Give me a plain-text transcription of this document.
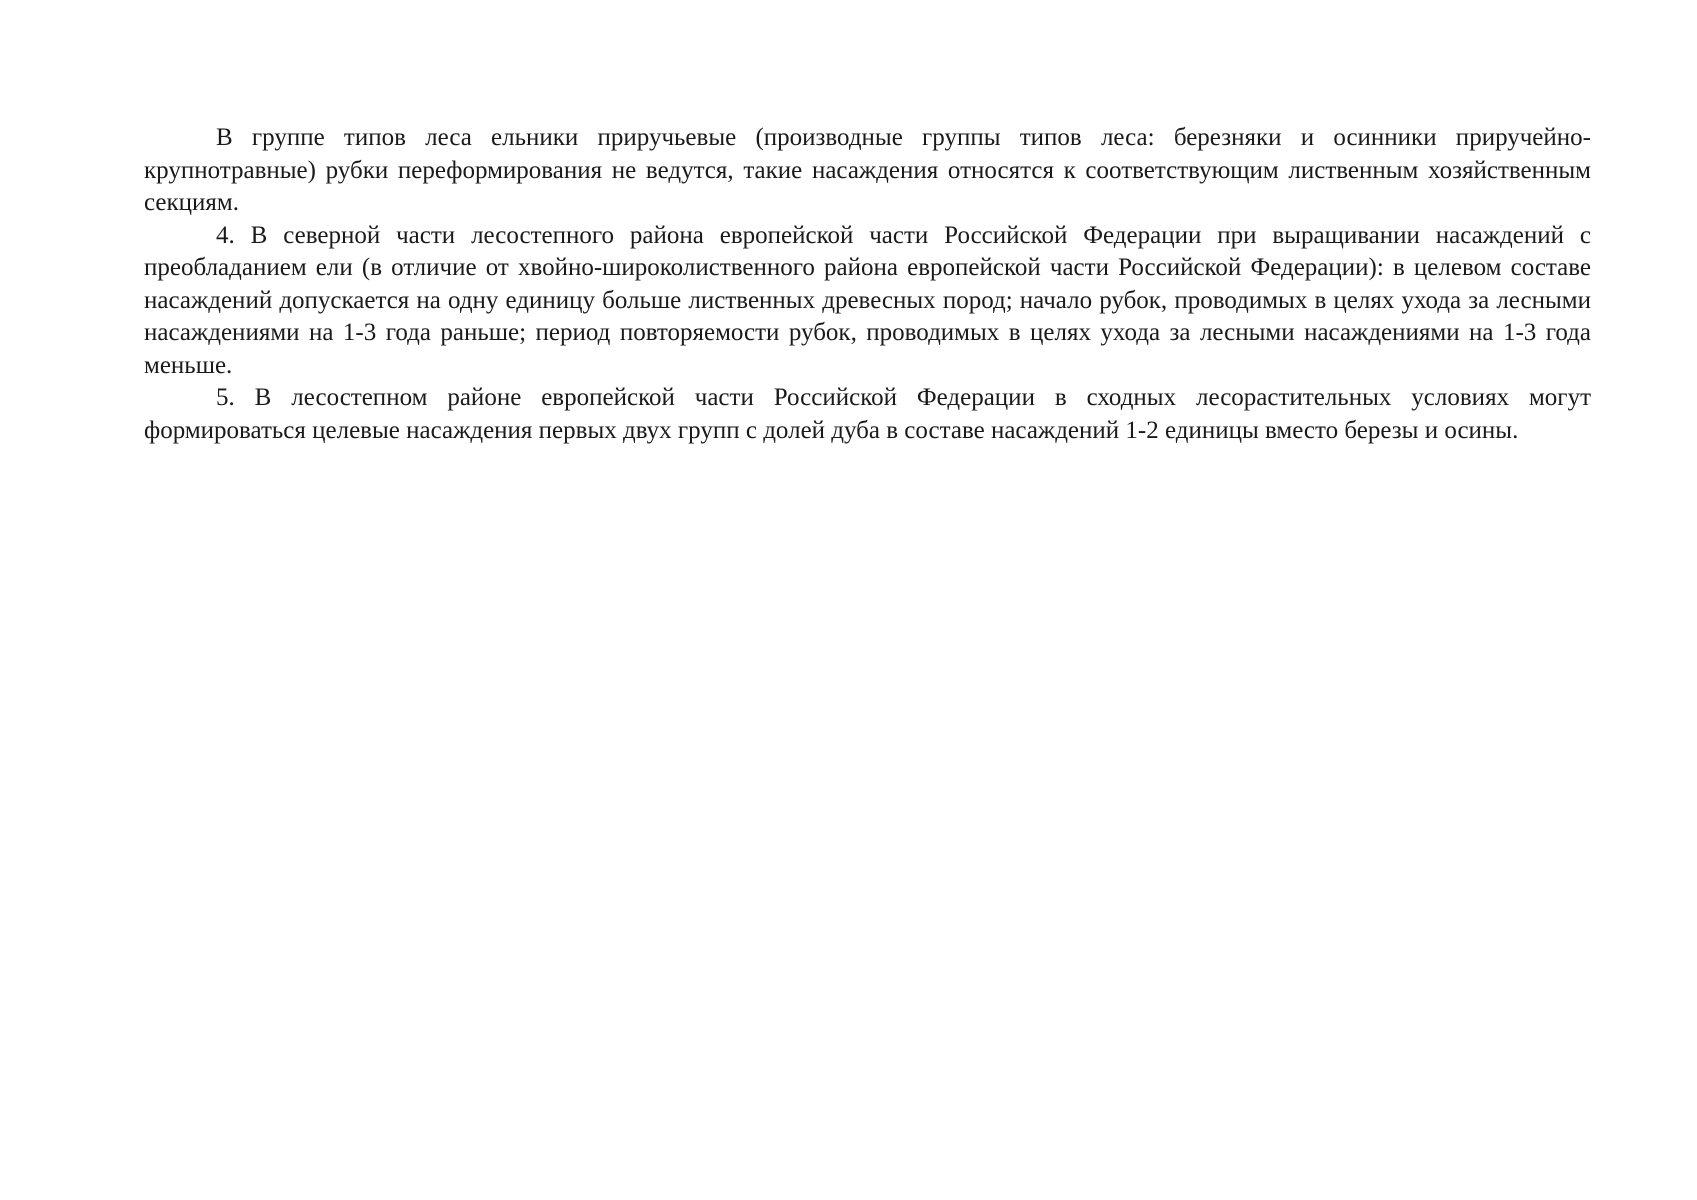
В группе типов леса ельники приручьевые (производные группы типов леса: березняки и осинники приручейно-крупнотравные) рубки переформирования не ведутся, такие насаждения относятся к соответствующим лиственным хозяйственным секциям.

4. В северной части лесостепного района европейской части Российской Федерации при выращивании насаждений с преобладанием ели (в отличие от хвойно-широколиственного района европейской части Российской Федерации): в целевом составе насаждений допускается на одну единицу больше лиственных древесных пород; начало рубок, проводимых в целях ухода за лесными насаждениями на 1-3 года раньше; период повторяемости рубок, проводимых в целях ухода за лесными насаждениями на 1-3 года меньше.

5. В лесостепном районе европейской части Российской Федерации в сходных лесорастительных условиях могут формироваться целевые насаждения первых двух групп с долей дуба в составе насаждений 1-2 единицы вместо березы и осины.
